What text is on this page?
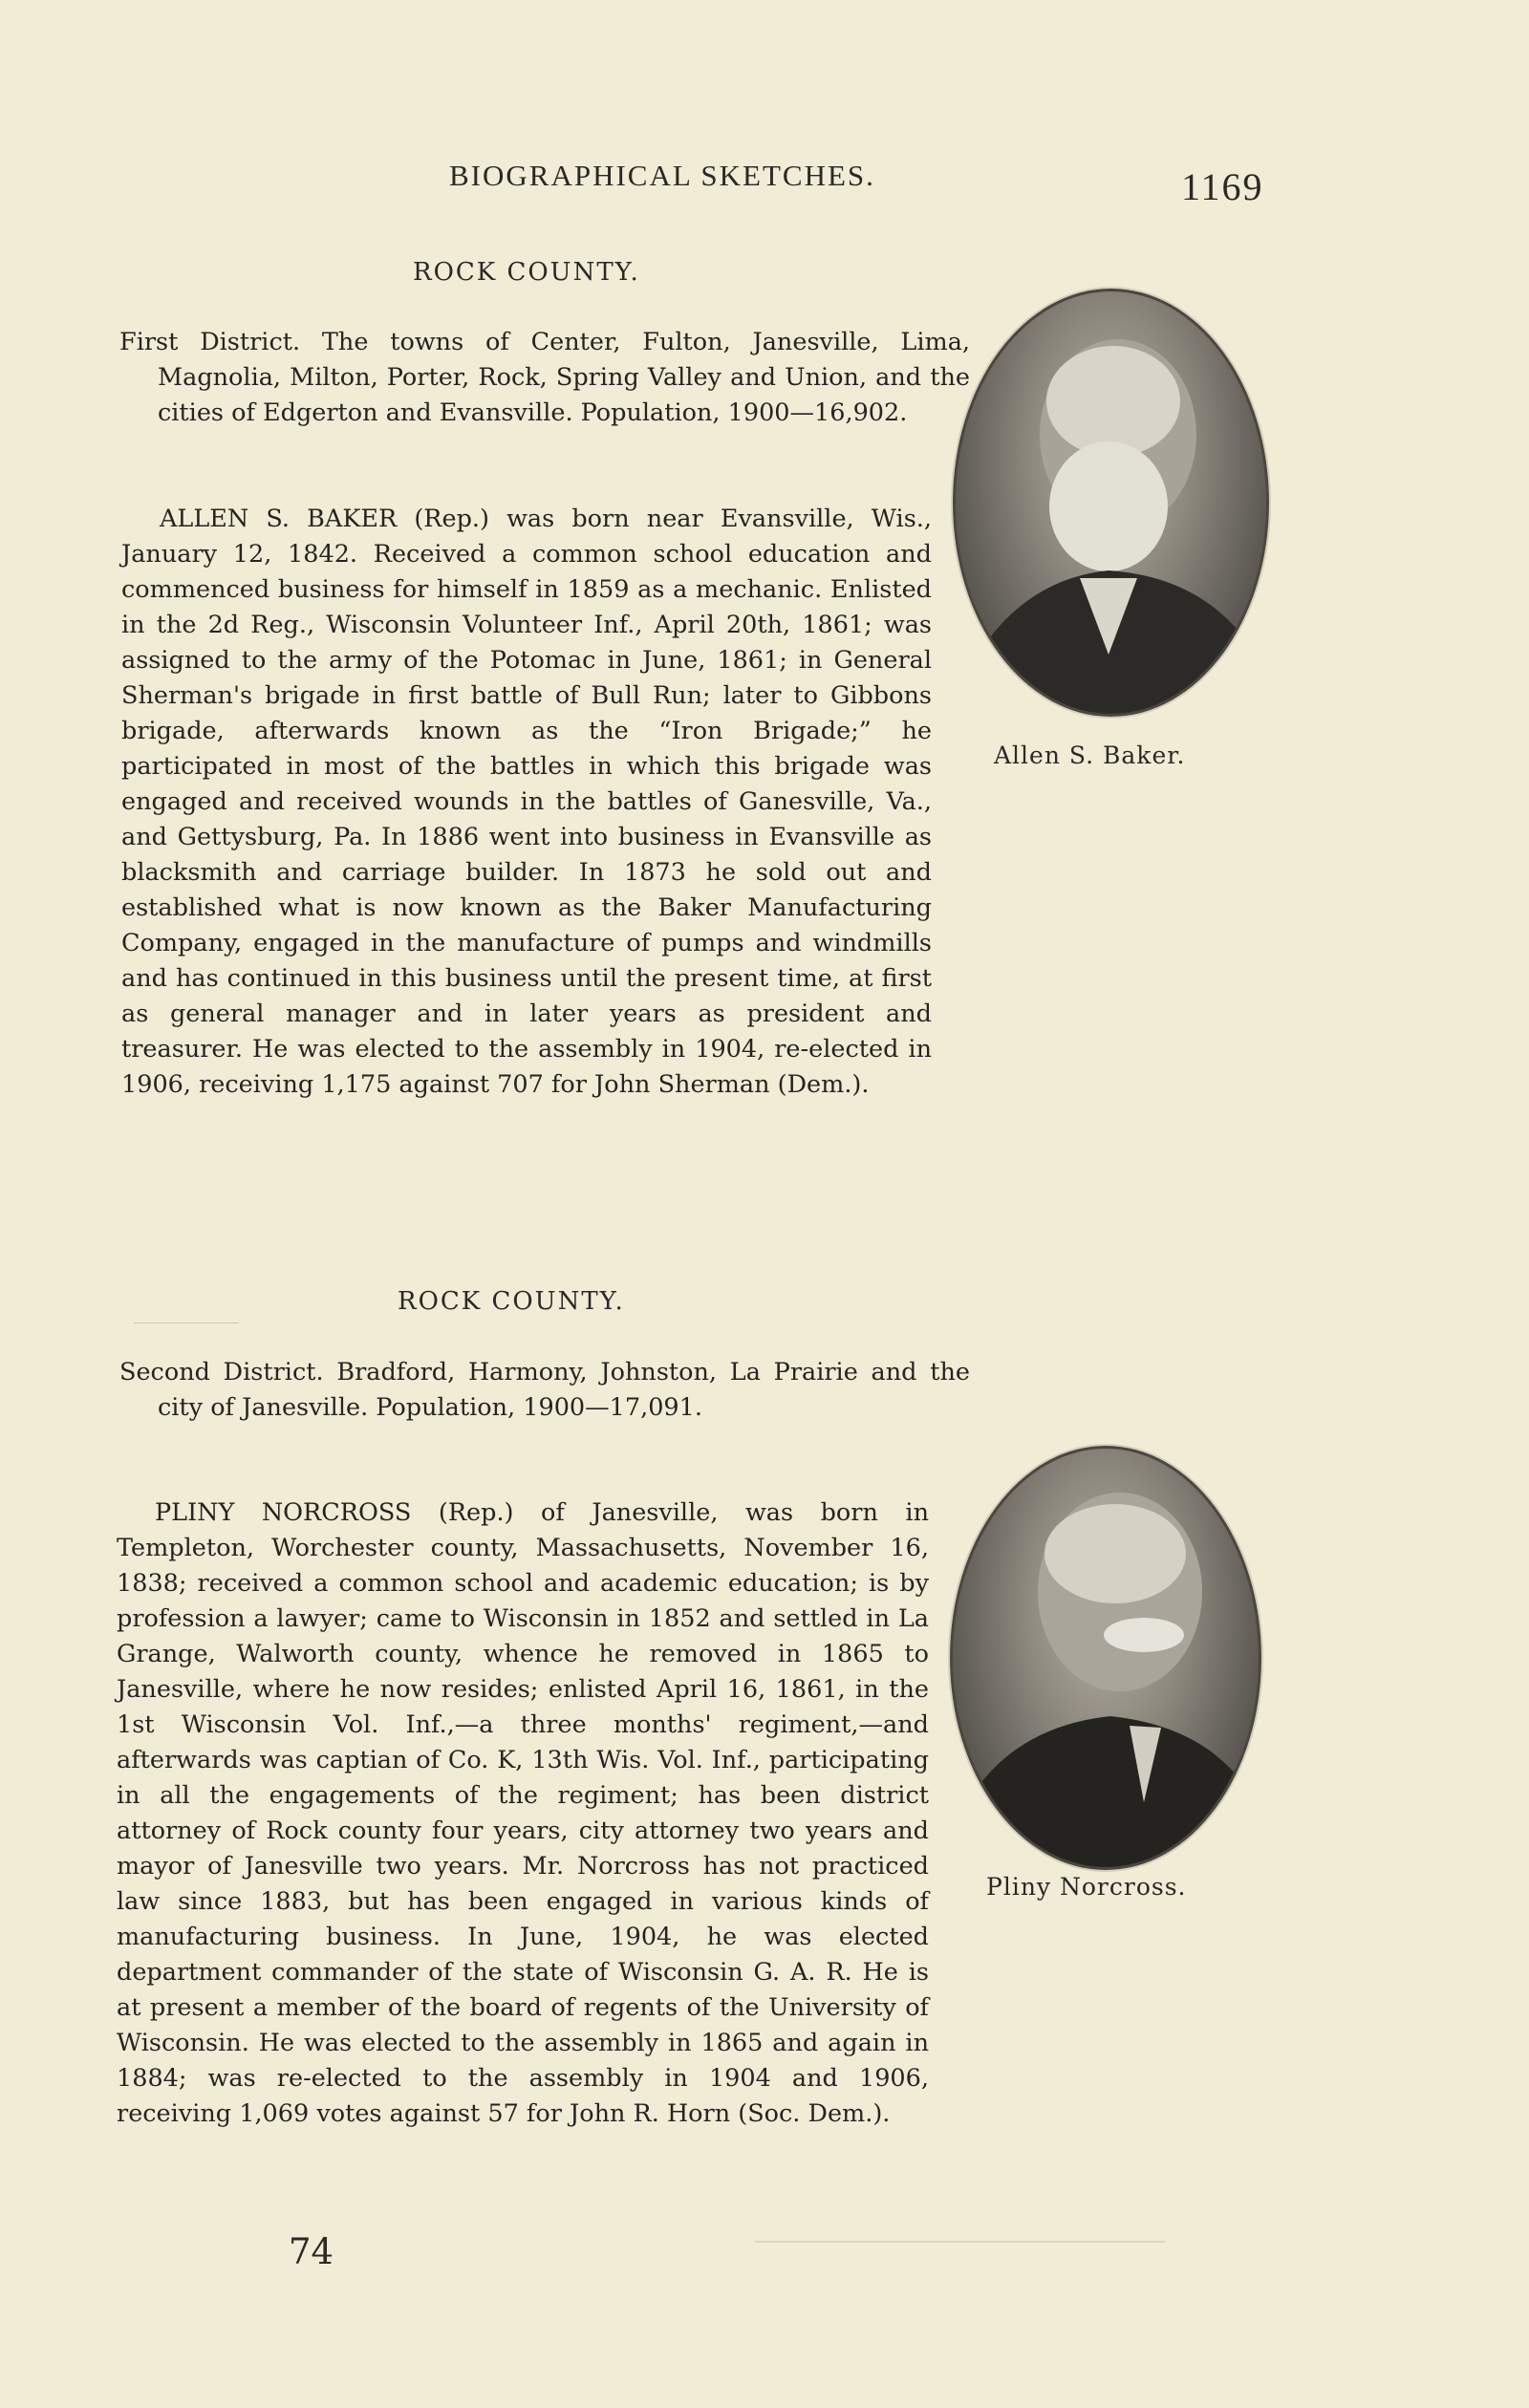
BIOGRAPHICAL SKETCHES.	1169
ROCK COUNTY.

First District. The towns of Center, Fulton, Janesville, Lima, Magnolia, Milton, Porter, Rock, Spring Valley and Union, and the cities of Edgerton and Evansville. Population, 1900—16,902.

ALLEN S. BAKER (Rep.) was born near Evansville, Wis., January 12, 1842. Received a common school education and commenced business for himself in 1859 as a mechanic. Enlisted in the 2d Reg., Wisconsin Volunteer Inf., April 20th, 1861; was assigned to the army of the Potomac in June, 1861; in General Sherman's brigade in first battle of Bull Run; later to Gibbons brigade, afterwards known as the “Iron Brigade;” he participated in most of the battles in which this brigade was engaged and received wounds in the battles of Ganesville, Va., and Gettysburg, Pa. In 1886 went into business in Evansville as blacksmith and carriage builder. In 1873 he sold out and established what is now known as the Baker Manufacturing Company, engaged in the manufacture of pumps and windmills and has continued in this business until the present time, at first as general manager and in later years as president and treasurer. He was elected to the assembly in 1904, re-elected in 1906, receiving 1,175 against 707 for John Sherman (Dem.).

Allen S. Baker.
ROCK COUNTY.

Second District. Bradford, Harmony, Johnston, La Prairie and the city of Janesville. Population, 1900—17,091.

PLINY NORCROSS (Rep.) of Janesville, was born in Templeton, Worchester county, Massachusetts, November 16, 1838; received a common school and academic education; is by profession a lawyer; came to Wisconsin in 1852 and settled in La Grange, Walworth county, whence he removed in 1865 to Janesville, where he now resides; enlisted April 16, 1861, in the 1st Wisconsin Vol. Inf.,—a three months' regiment,—and afterwards was captian of Co. K, 13th Wis. Vol. Inf., participating in all the engagements of the regiment; has been district attorney of Rock county four years, city attorney two years and mayor of Janesville two years. Mr. Norcross has not practiced law since 1883, but has been engaged in various kinds of manufacturing business. In June, 1904, he was elected department commander of the state of Wisconsin G. A. R. He is at present a member of the board of regents of the University of Wisconsin. He was elected to the assembly in 1865 and again in 1884; was re-elected to the assembly in 1904 and 1906, receiving 1,069 votes against 57 for John R. Horn (Soc. Dem.).

Pliny Norcross.
74
